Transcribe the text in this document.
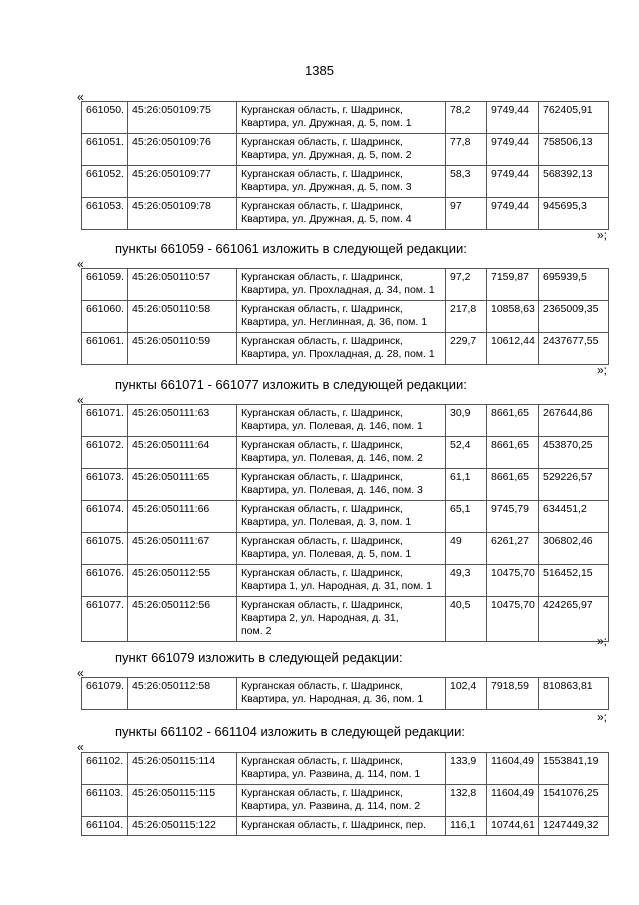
1385
«
661050.	45:26:050109:75	Курганская область, г. Шадринск,
Квартира, ул. Дружная, д. 5, пом. 1	78,2	9749,44	762405,91
661051.	45:26:050109:76	Курганская область, г. Шадринск,
Квартира, ул. Дружная, д. 5, пом. 2	77,8	9749,44	758506,13
661052.	45:26:050109:77	Курганская область, г. Шадринск,
Квартира, ул. Дружная, д. 5, пом. 3	58,3	9749,44	568392,13
661053.	45:26:050109:78	Курганская область, г. Шадринск,
Квартира, ул. Дружная, д. 5, пом. 4	97	9749,44	945695,3
»;
пункты 661059 - 661061 изложить в следующей редакции:
«
661059.	45:26:050110:57	Курганская область, г. Шадринск,
Квартира, ул. Прохладная, д. 34, пом. 1	97,2	7159,87	695939,5
661060.	45:26:050110:58	Курганская область, г. Шадринск,
Квартира, ул. Неглинная, д. 36, пом. 1	217,8	10858,63	2365009,35
661061.	45:26:050110:59	Курганская область, г. Шадринск,
Квартира, ул. Прохладная, д. 28, пом. 1	229,7	10612,44	2437677,55
»;
пункты 661071 - 661077 изложить в следующей редакции:
«
661071.	45:26:050111:63	Курганская область, г. Шадринск,
Квартира, ул. Полевая, д. 146, пом. 1	30,9	8661,65	267644,86
661072.	45:26:050111:64	Курганская область, г. Шадринск,
Квартира, ул. Полевая, д. 146, пом. 2	52,4	8661,65	453870,25
661073.	45:26:050111:65	Курганская область, г. Шадринск,
Квартира, ул. Полевая, д. 146, пом. 3	61,1	8661,65	529226,57
661074.	45:26:050111:66	Курганская область, г. Шадринск,
Квартира, ул. Полевая, д. 3, пом. 1	65,1	9745,79	634451,2
661075.	45:26:050111:67	Курганская область, г. Шадринск,
Квартира, ул. Полевая, д. 5, пом. 1	49	6261,27	306802,46
661076.	45:26:050112:55	Курганская область, г. Шадринск,
Квартира 1, ул. Народная, д. 31, пом. 1	49,3	10475,70	516452,15
661077.	45:26:050112:56	Курганская область, г. Шадринск,
Квартира 2, ул. Народная, д. 31,
пом. 2	40,5	10475,70	424265,97
»;
пункт 661079 изложить в следующей редакции:
«
661079.	45:26:050112:58	Курганская область, г. Шадринск,
Квартира, ул. Народная, д. 36, пом. 1	102,4	7918,59	810863,81
»;
пункты 661102 - 661104 изложить в следующей редакции:
«
661102.	45:26:050115:114	Курганская область, г. Шадринск,
Квартира, ул. Развина, д. 114, пом. 1	133,9	11604,49	1553841,19
661103.	45:26:050115:115	Курганская область, г. Шадринск,
Квартира, ул. Развина, д. 114, пом. 2	132,8	11604,49	1541076,25
661104.	45:26:050115:122	Курганская область, г. Шадринск, пер.	116,1	10744,61	1247449,32
